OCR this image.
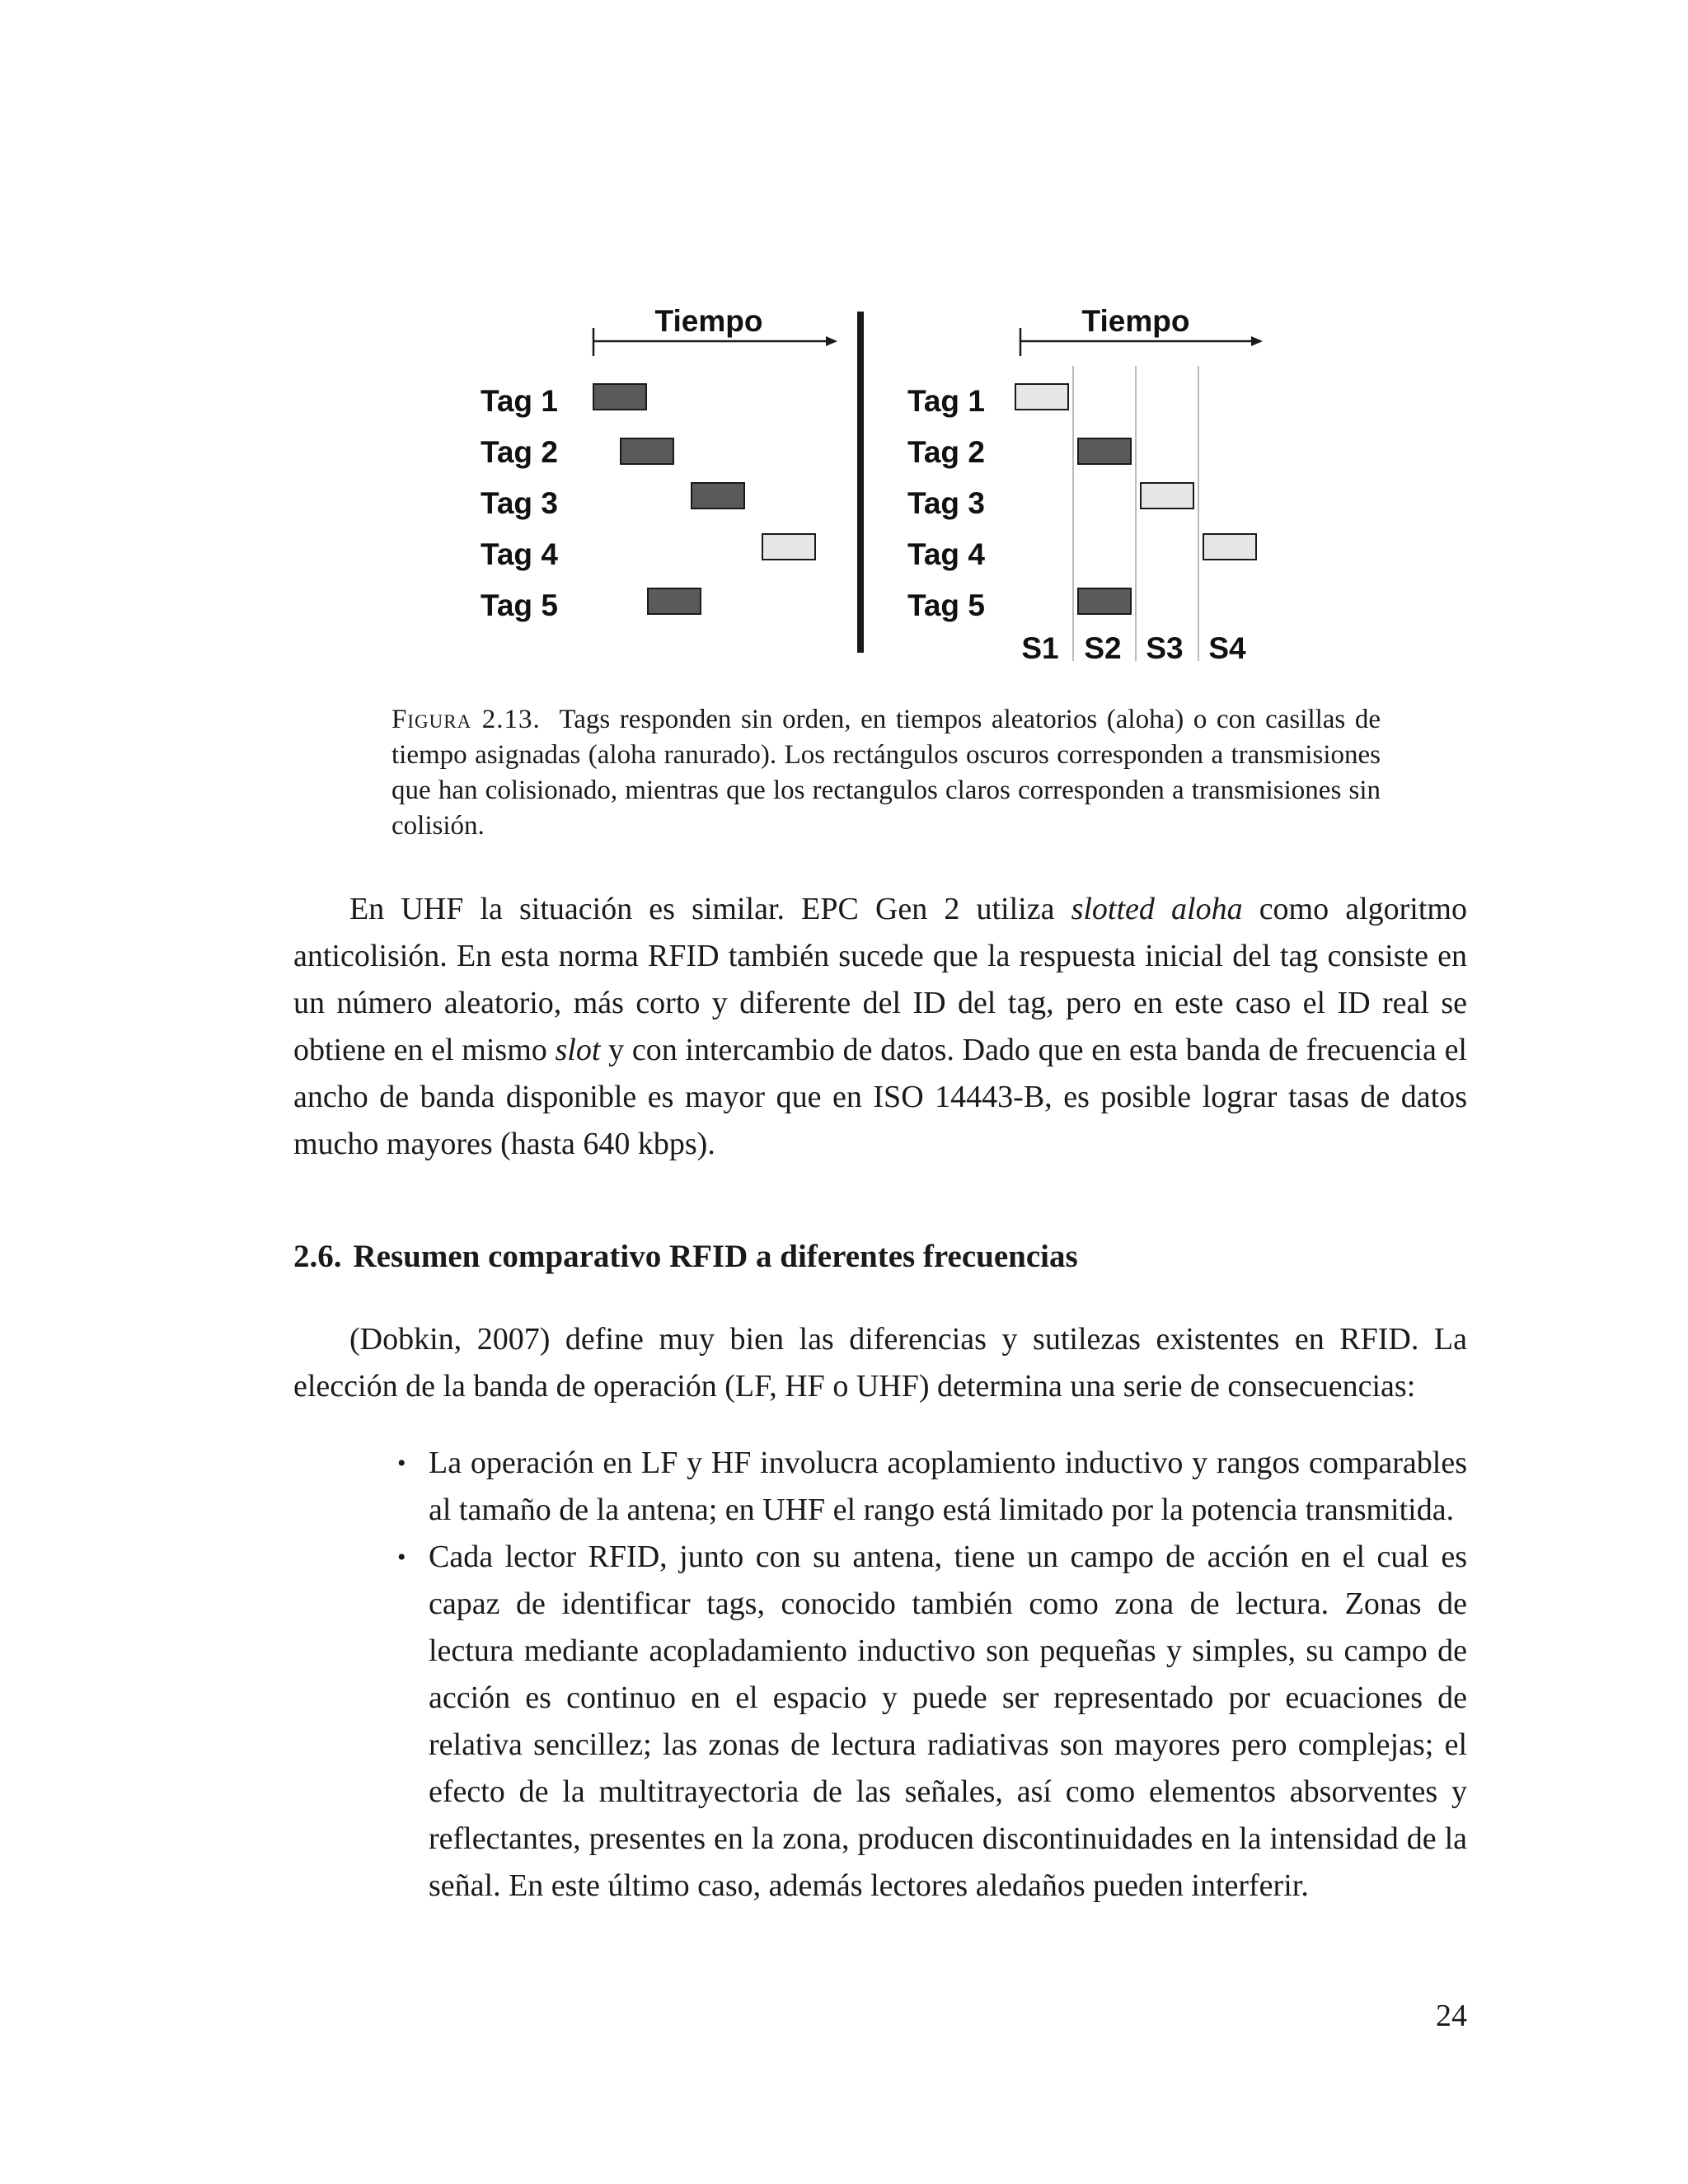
Tiempo
Tag 1
Tag 2
Tag 3
Tag 4
Tag 5
Tiempo
Tag 1
Tag 2
Tag 3
Tag 4
Tag 5
S1 S2 S3 S4
Figura 2.13. Tags responden sin orden, en tiempos aleatorios (aloha) o con casillas de tiempo asignadas (aloha ranurado). Los rectángulos oscuros corresponden a transmisiones que han colisionado, mientras que los rectangulos claros corresponden a transmisiones sin colisión.

En UHF la situación es similar. EPC Gen 2 utiliza slotted aloha como algoritmo anticolisión. En esta norma RFID también sucede que la respuesta inicial del tag consiste en un número aleatorio, más corto y diferente del ID del tag, pero en este caso el ID real se obtiene en el mismo slot y con intercambio de datos. Dado que en esta banda de frecuencia el ancho de banda disponible es mayor que en ISO 14443-B, es posible lograr tasas de datos mucho mayores (hasta 640 kbps).

2.6. Resumen comparativo RFID a diferentes frecuencias

(Dobkin, 2007) define muy bien las diferencias y sutilezas existentes en RFID. La elección de la banda de operación (LF, HF o UHF) determina una serie de consecuencias:

• La operación en LF y HF involucra acoplamiento inductivo y rangos comparables al tamaño de la antena; en UHF el rango está limitado por la potencia transmitida.
• Cada lector RFID, junto con su antena, tiene un campo de acción en el cual es capaz de identificar tags, conocido también como zona de lectura. Zonas de lectura mediante acopladamiento inductivo son pequeñas y simples, su campo de acción es continuo en el espacio y puede ser representado por ecuaciones de relativa sencillez; las zonas de lectura radiativas son mayores pero complejas; el efecto de la multitrayectoria de las señales, así como elementos absorventes y reflectantes, presentes en la zona, producen discontinuidades en la intensidad de la señal. En este último caso, además lectores aledaños pueden interferir.
24
